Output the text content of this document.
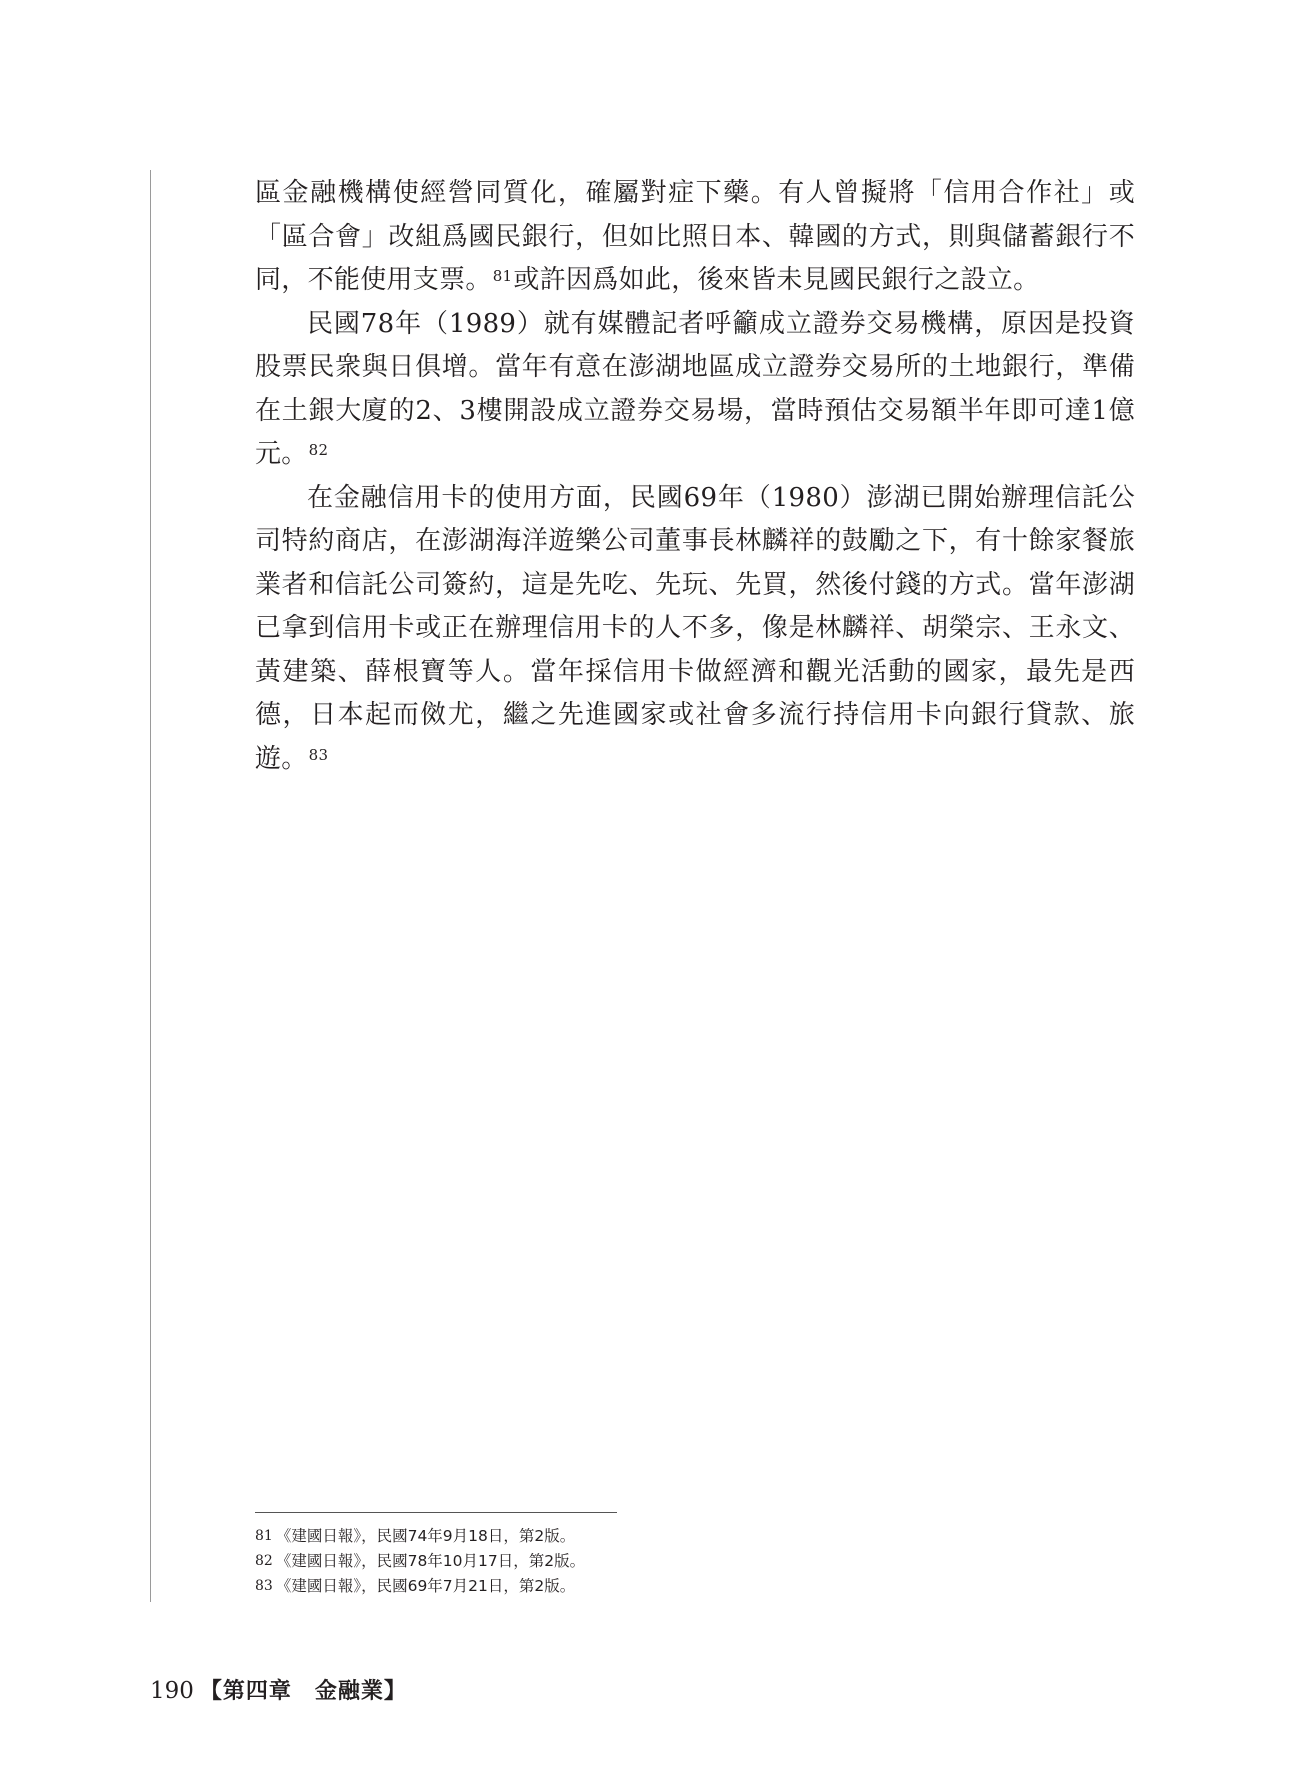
區金融機構使經營同質化，確屬對症下藥。有人曾擬將「信用合作社」或「區合會」改組爲國民銀行，但如比照日本、韓國的方式，則與儲蓄銀行不同，不能使用支票。$^{81}$或許因爲如此，後來皆未見國民銀行之設立。

民國78年（1989）就有媒體記者呼籲成立證券交易機構，原因是投資股票民衆與日俱增。當年有意在澎湖地區成立證券交易所的土地銀行，準備在土銀大廈的2、3樓開設成立證券交易場，當時預估交易額半年即可達1億元。$^{82}$

在金融信用卡的使用方面，民國69年（1980）澎湖已開始辦理信託公司特約商店，在澎湖海洋遊樂公司董事長林麟祥的鼓勵之下，有十餘家餐旅業者和信託公司簽約，這是先吃、先玩、先買，然後付錢的方式。當年澎湖已拿到信用卡或正在辦理信用卡的人不多，像是林麟祥、胡榮宗、王永文、黃建築、薛根寶等人。當年採信用卡做經濟和觀光活動的國家，最先是西德，日本起而傚尤，繼之先進國家或社會多流行持信用卡向銀行貸款、旅遊。$^{83}$

81 《建國日報》，民國74年9月18日，第2版。
82 《建國日報》，民國78年10月17日，第2版。
83 《建國日報》，民國69年7月21日，第2版。
190 【第四章　金融業】
